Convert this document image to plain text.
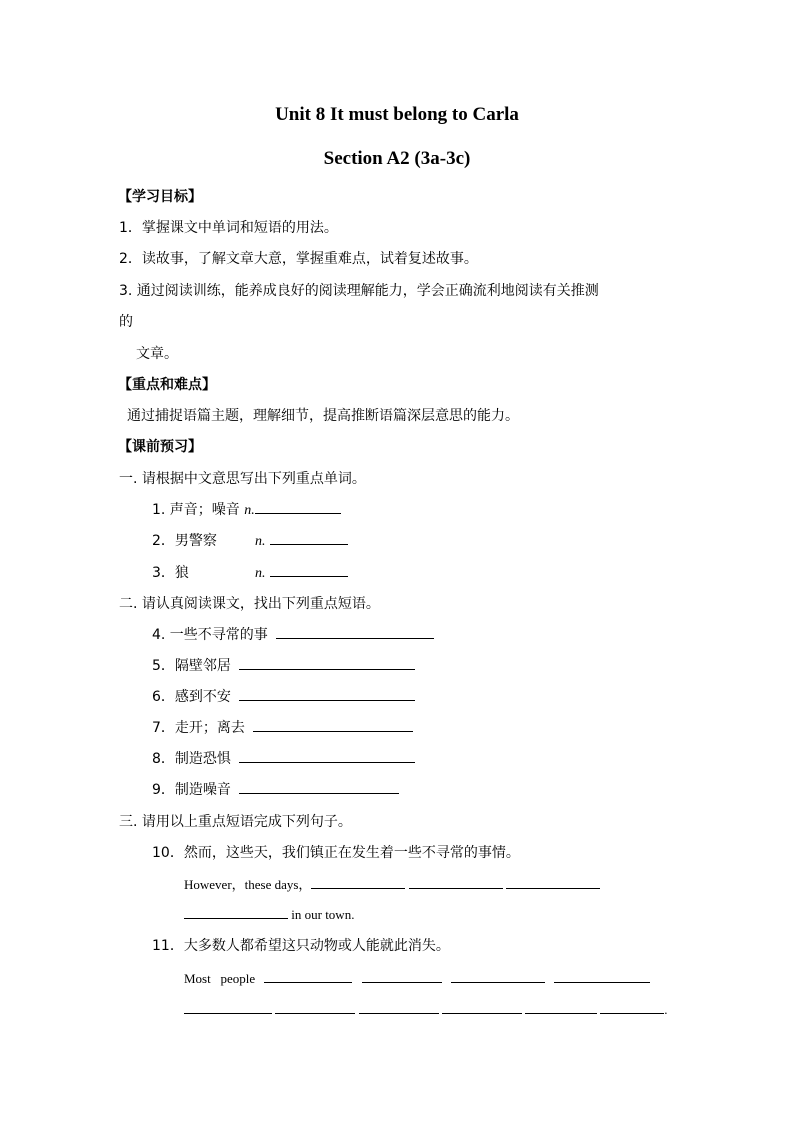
Unit 8 It must belong to Carla
Section A2 (3a-3c)
【学习目标】
1．掌握课文中单词和短语的用法。
2．读故事，了解文章大意，掌握重难点，试着复述故事。
3. 通过阅读训练，能养成良好的阅读理解能力，学会正确流利地阅读有关推测
的
文章。
【重点和难点】
通过捕捉语篇主题，理解细节，提高推断语篇深层意思的能力。
【课前预习】
一. 请根据中文意思写出下列重点单词。
1. 声音；噪音 n.
2．男警察	n.
3．狼	n.
二. 请认真阅读课文，找出下列重点短语。
4. 一些不寻常的事
5．隔壁邻居
6．感到不安
7．走开；离去
8．制造恐惧
9．制造噪音
三. 请用以上重点短语完成下列句子。
10．然而，这些天，我们镇正在发生着一些不寻常的事情。
However，these days，
in our town.
11．大多数人都希望这只动物或人能就此消失。
Most   people
.
